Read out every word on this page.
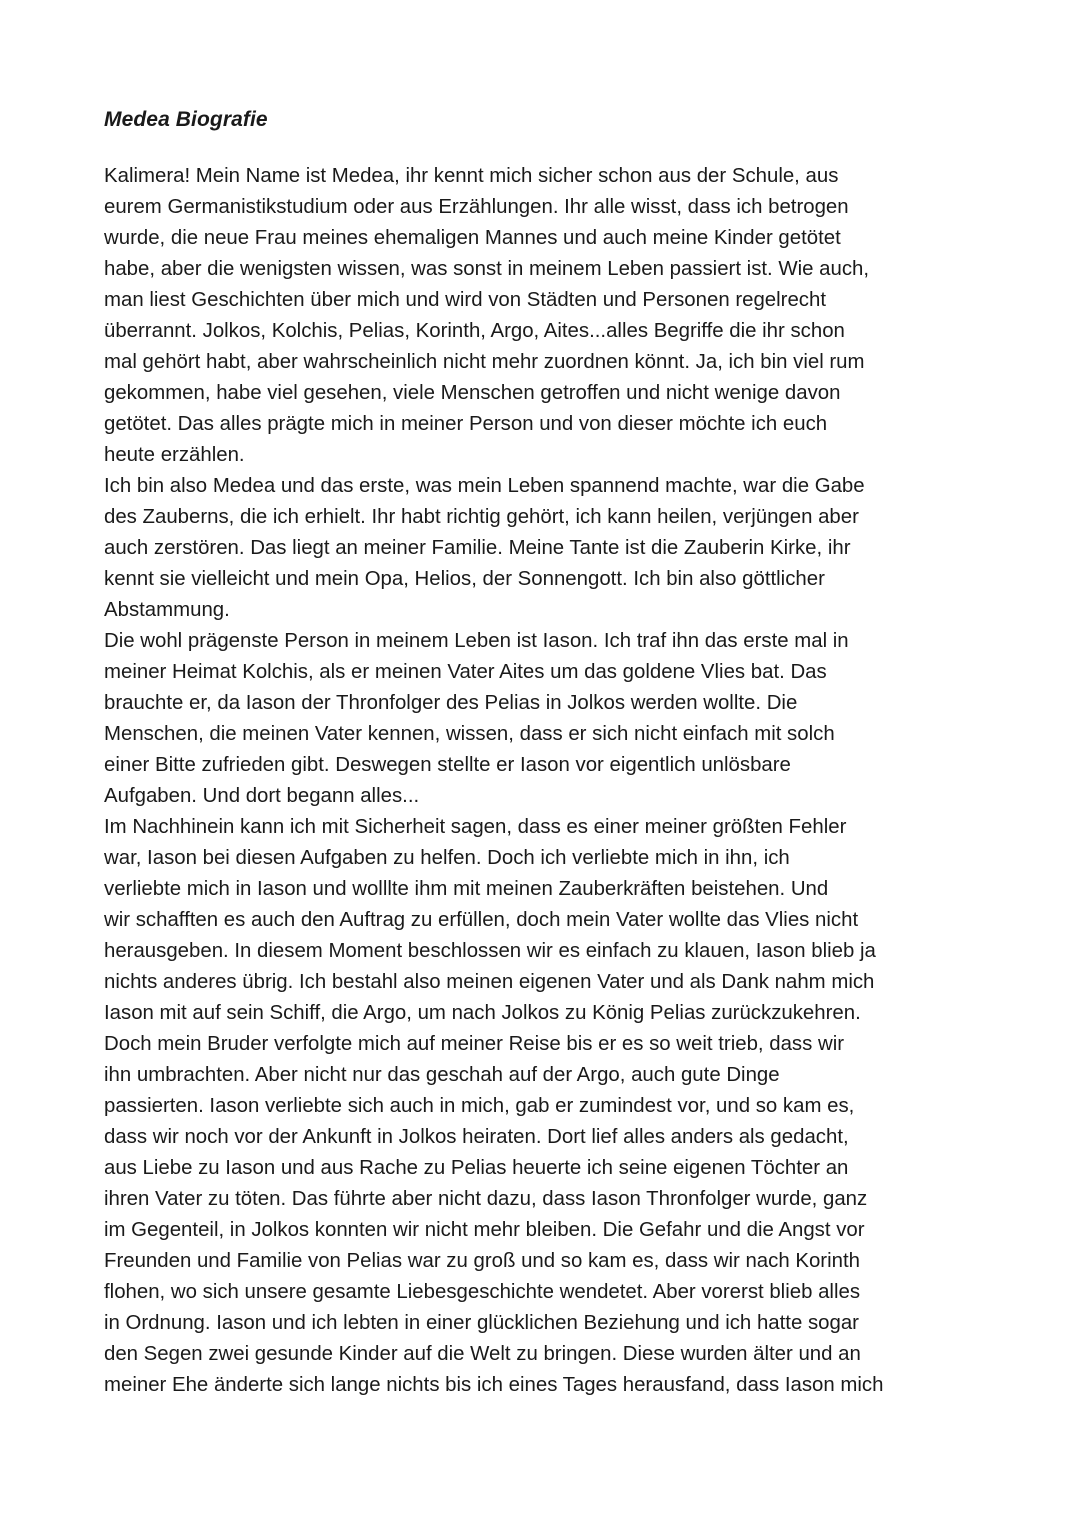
Medea Biografie
Kalimera! Mein Name ist Medea, ihr kennt mich sicher schon aus der Schule, aus
eurem Germanistikstudium oder aus Erzählungen. Ihr alle wisst, dass ich betrogen
wurde, die neue Frau meines ehemaligen Mannes und auch meine Kinder getötet
habe, aber die wenigsten wissen, was sonst in meinem Leben passiert ist. Wie auch,
man liest Geschichten über mich und wird von Städten und Personen regelrecht
überrannt. Jolkos, Kolchis, Pelias, Korinth, Argo, Aites...alles Begriffe die ihr schon
mal gehört habt, aber wahrscheinlich nicht mehr zuordnen könnt. Ja, ich bin viel rum
gekommen, habe viel gesehen, viele Menschen getroffen und nicht wenige davon
getötet. Das alles prägte mich in meiner Person und von dieser möchte ich euch
heute erzählen.
Ich bin also Medea und das erste, was mein Leben spannend machte, war die Gabe
des Zauberns, die ich erhielt. Ihr habt richtig gehört, ich kann heilen, verjüngen aber
auch zerstören. Das liegt an meiner Familie. Meine Tante ist die Zauberin Kirke, ihr
kennt sie vielleicht und mein Opa, Helios, der Sonnengott. Ich bin also göttlicher
Abstammung.
Die wohl prägenste Person in meinem Leben ist Iason. Ich traf ihn das erste mal in
meiner Heimat Kolchis, als er meinen Vater Aites um das goldene Vlies bat. Das
brauchte er, da Iason der Thronfolger des Pelias in Jolkos werden wollte. Die
Menschen, die meinen Vater kennen, wissen, dass er sich nicht einfach mit solch
einer Bitte zufrieden gibt. Deswegen stellte er Iason vor eigentlich unlösbare
Aufgaben. Und dort begann alles...
Im Nachhinein kann ich mit Sicherheit sagen, dass es einer meiner größten Fehler
war, Iason bei diesen Aufgaben zu helfen. Doch ich verliebte mich in ihn, ich
verliebte mich in Iason und wolllte ihm mit meinen Zauberkräften beistehen. Und
wir schafften es auch den Auftrag zu erfüllen, doch mein Vater wollte das Vlies nicht
herausgeben. In diesem Moment beschlossen wir es einfach zu klauen, Iason blieb ja
nichts anderes übrig. Ich bestahl also meinen eigenen Vater und als Dank nahm mich
Iason mit auf sein Schiff, die Argo, um nach Jolkos zu König Pelias zurückzukehren.
Doch mein Bruder verfolgte mich auf meiner Reise bis er es so weit trieb, dass wir
ihn umbrachten. Aber nicht nur das geschah auf der Argo, auch gute Dinge
passierten. Iason verliebte sich auch in mich, gab er zumindest vor, und so kam es,
dass wir noch vor der Ankunft in Jolkos heiraten. Dort lief alles anders als gedacht,
aus Liebe zu Iason und aus Rache zu Pelias heuerte ich seine eigenen Töchter an
ihren Vater zu töten. Das führte aber nicht dazu, dass Iason Thronfolger wurde, ganz
im Gegenteil, in Jolkos konnten wir nicht mehr bleiben. Die Gefahr und die Angst vor
Freunden und Familie von Pelias war zu groß und so kam es, dass wir nach Korinth
flohen, wo sich unsere gesamte Liebesgeschichte wendetet. Aber vorerst blieb alles
in Ordnung. Iason und ich lebten in einer glücklichen Beziehung und ich hatte sogar
den Segen zwei gesunde Kinder auf die Welt zu bringen. Diese wurden älter und an
meiner Ehe änderte sich lange nichts bis ich eines Tages herausfand, dass Iason mich
